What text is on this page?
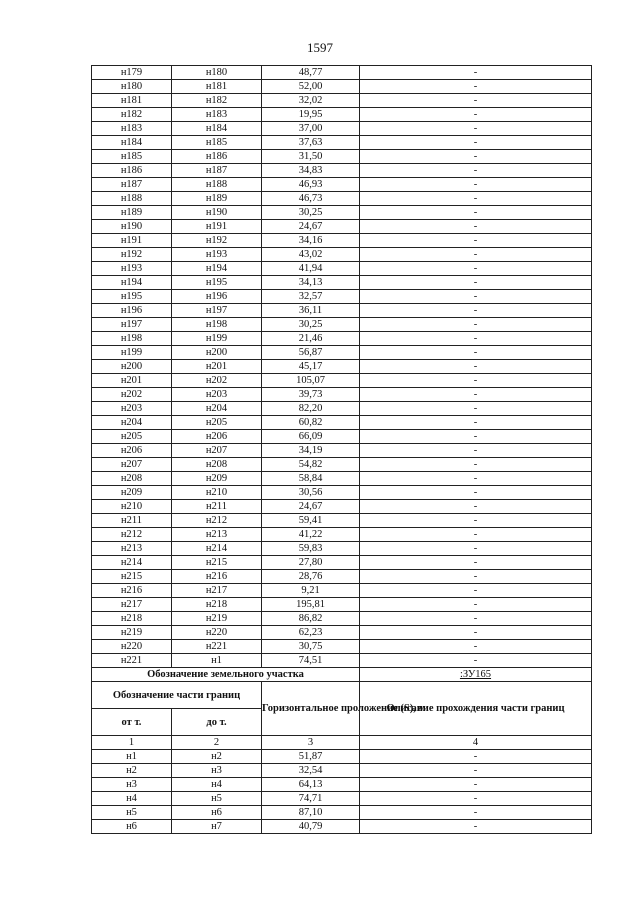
1597
н179	н180	48,77	-
н180	н181	52,00	-
н181	н182	32,02	-
н182	н183	19,95	-
н183	н184	37,00	-
н184	н185	37,63	-
н185	н186	31,50	-
н186	н187	34,83	-
н187	н188	46,93	-
н188	н189	46,73	-
н189	н190	30,25	-
н190	н191	24,67	-
н191	н192	34,16	-
н192	н193	43,02	-
н193	н194	41,94	-
н194	н195	34,13	-
н195	н196	32,57	-
н196	н197	36,11	-
н197	н198	30,25	-
н198	н199	21,46	-
н199	н200	56,87	-
н200	н201	45,17	-
н201	н202	105,07	-
н202	н203	39,73	-
н203	н204	82,20	-
н204	н205	60,82	-
н205	н206	66,09	-
н206	н207	34,19	-
н207	н208	54,82	-
н208	н209	58,84	-
н209	н210	30,56	-
н210	н211	24,67	-
н211	н212	59,41	-
н212	н213	41,22	-
н213	н214	59,83	-
н214	н215	27,80	-
н215	н216	28,76	-
н216	н217	9,21	-
н217	н218	195,81	-
н218	н219	86,82	-
н219	н220	62,23	-
н220	н221	30,75	-
н221	н1	74,51	-
Обозначение земельного участка			:ЗУ165
Обозначение части границ		Горизонтальное проложение (S), м	Описание прохождения части границ
от т.	до т.		
1	2	3	4
н1	н2	51,87	-
н2	н3	32,54	-
н3	н4	64,13	-
н4	н5	74,71	-
н5	н6	87,10	-
н6	н7	40,79	-
